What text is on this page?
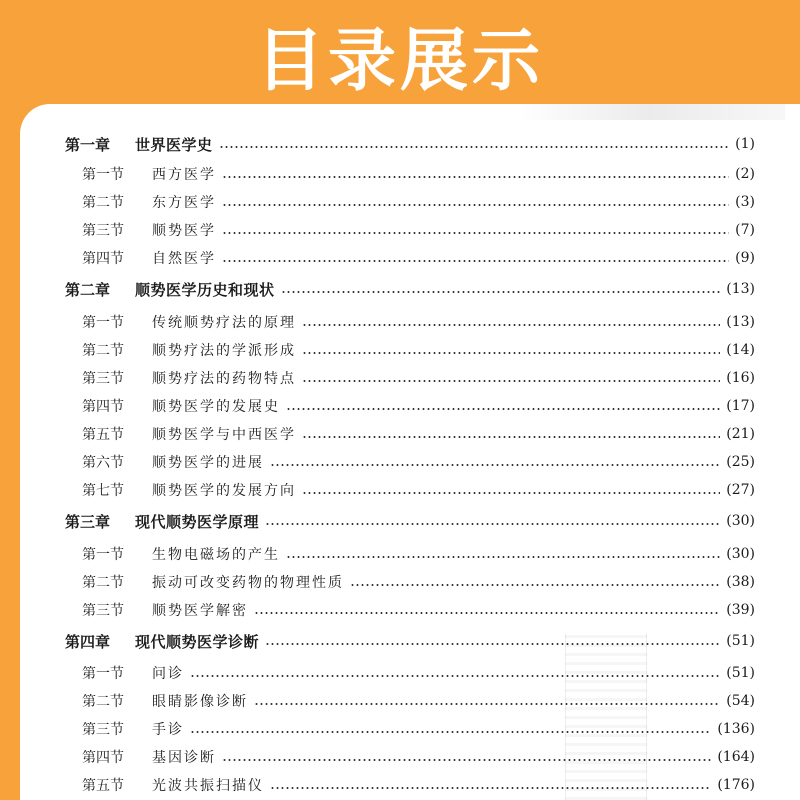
目录展示
第一章	世界医学史	(1)
第一节	西方医学	(2)
第二节	东方医学	(3)
第三节	顺势医学	(7)
第四节	自然医学	(9)
第二章	顺势医学历史和现状	(13)
第一节	传统顺势疗法的原理	(13)
第二节	顺势疗法的学派形成	(14)
第三节	顺势疗法的药物特点	(16)
第四节	顺势医学的发展史	(17)
第五节	顺势医学与中西医学	(21)
第六节	顺势医学的进展	(25)
第七节	顺势医学的发展方向	(27)
第三章	现代顺势医学原理	(30)
第一节	生物电磁场的产生	(30)
第二节	振动可改变药物的物理性质	(38)
第三节	顺势医学解密	(39)
第四章	现代顺势医学诊断	(51)
第一节	问诊	(51)
第二节	眼睛影像诊断	(54)
第三节	手诊	(136)
第四节	基因诊断	(164)
第五节	光波共振扫描仪	(176)
